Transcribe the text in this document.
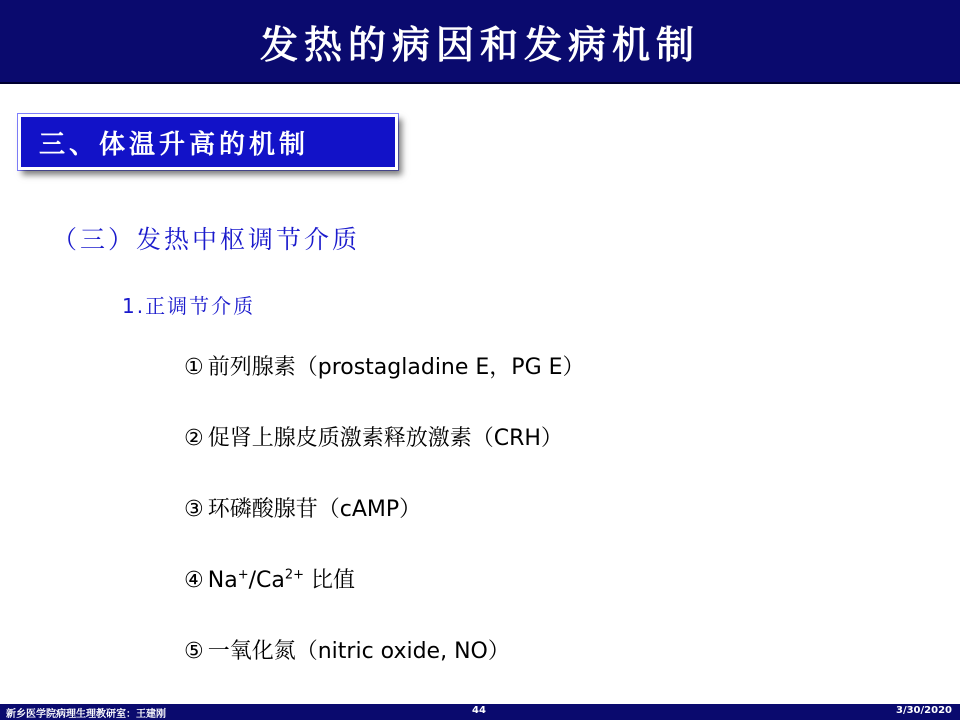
发热的病因和发病机制
三、体温升高的机制
（三）发热中枢调节介质
1.正调节介质
① 前列腺素（prostagladine E，PG E）
② 促肾上腺皮质激素释放激素（CRH）
③ 环磷酸腺苷（cAMP）
④ $Na^+/Ca^{2+}$ 比值
⑤ 一氧化氮（nitric oxide, NO）
新乡医学院病理生理教研室：王建刚	44	3/30/2020
